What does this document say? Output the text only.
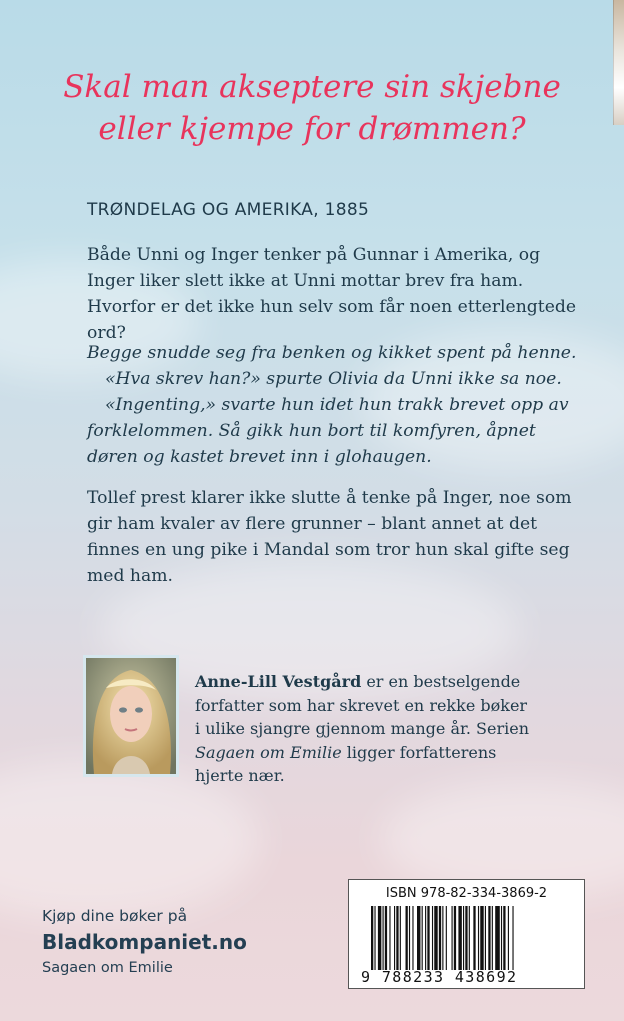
Skal man akseptere sin skjebne
eller kjempe for drømmen?
TRØNDELAG OG AMERIKA, 1885

Både Unni og Inger tenker på Gunnar i Amerika, og Inger liker slett ikke at Unni mottar brev fra ham. Hvorfor er det ikke hun selv som får noen etterlengtede ord?

Begge snudde seg fra benken og kikket spent på henne.
«Hva skrev han?» spurte Olivia da Unni ikke sa noe.
«Ingenting,» svarte hun idet hun trakk brevet opp av forklelommen. Så gikk hun bort til komfyren, åpnet døren og kastet brevet inn i glohaugen.

Tollef prest klarer ikke slutte å tenke på Inger, noe som gir ham kvaler av flere grunner – blant annet at det finnes en ung pike i Mandal som tror hun skal gifte seg med ham.

Anne-Lill Vestgård er en bestselgende forfatter som har skrevet en rekke bøker i ulike sjangre gjennom mange år. Serien Sagaen om Emilie ligger forfatterens hjerte nær.
Kjøp dine bøker på
Bladkompaniet.no
Sagaen om Emilie
ISBN 978-82-334-3869-2
9 788233 438692
